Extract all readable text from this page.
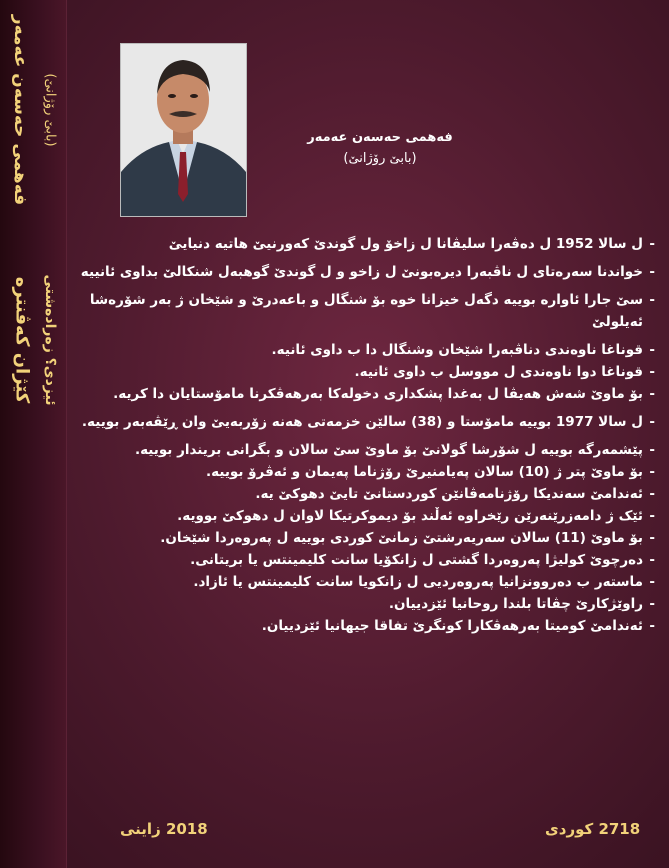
فەهمی حەسەن عەمەر (بابێ رۆژانێ)
کێژان کەڤنترە ئیزدی؟ زەرادەشتی
فەهمی حەسەن عەمەر
(بابێ رۆژانێ)
- ل سالا 1952 ل دەڤەرا سلیڤانا ل زاخۆ ول گوندێ کەورنیێ هاتیە دنیایێ
- خواندنا سەرەتای ل ناڤبەرا دیرەبونێ ل زاخو و ل گوندێ گوهبەل شنکالێ بداوی ئانییە
- سێ جارا ئاوارە بوییە دگەل خیزانا خوە بۆ شنگال و باعەدرێ و شێخان ژ بەر شۆرەشا ئەیلولێ
- قوناغا ناوەندی دناڤبەرا شێخان وشنگال دا ب داوی ئانیە.
- قوناغا دوا ناوەندی ل مووسل ب داوی ئانیە.
- بۆ ماوێ شەش هەیڤا ل بەغدا پشکداری دخولەکا بەرهەڤکرنا مامۆستایان دا کریە.
- ل سالا 1977 بوییە مامۆستا و (38) سالێن خزمەتی هەنە زۆربەیێ وان ڕێڤەبەر بوییە.
- پێشمەرگە بوییە ل شۆرشا گولانێ بۆ ماوێ سێ سالان و بگرانی بریندار بوییە.
- بۆ ماوێ پتر ژ (10) سالان پەیامنیرێ رۆژناما پەیمان و ئەڤرۆ بوییە.
- ئەندامێ سەندیکا رۆژنامەڤانێن کوردستانێ تایێ دهوکێ یە.
- ئێک ژ دامەزرێنەرێن رێخراوە ئەڵند بۆ دیموکرتیکا لاوان ل دهوکێ بوویە.
- بۆ ماوێ (11) سالان سەریەرشتێ زمانێ کوردی بوییە ل پەروەردا شێخان.
- دەرچوێ کولیژا پەروەردا گشتی ل زانکۆیا سانت کلیمینتس یا بریتانی.
- ماستەر ب دەروونزانیا پەروەردیی ل زانکویا سانت کلیمینتس یا ئازاد.
- راوێژکارێ چڤاتا بلندا روحانیا ئێزدییان.
- ئەندامێ کومیتا بەرهەڤکارا کونگرێ تفاقا جیهانیا ئێزدییان.
2018 زاینی	2718 کوردی
